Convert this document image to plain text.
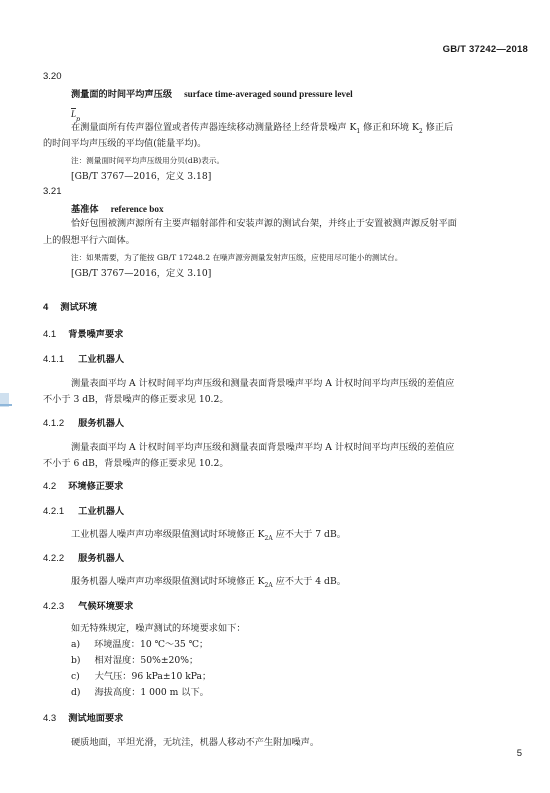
GB/T 37242—2018
3.20
测量面的时间平均声压级 surface time-averaged sound pressure level
$L_p$
在测量面所有传声器位置或者传声器连续移动测量路径上经背景噪声 $K_1$ 修正和环境 $K_2$ 修正后
的时间平均声压级的平均值(能量平均)。
注：测量面时间平均声压级用分贝(dB)表示。
[GB/T 3767—2016，定义 3.18]
3.21
基准体 reference box
恰好包围被测声源所有主要声辐射部件和安装声源的测试台架，并终止于安置被测声源反射平面
上的假想平行六面体。
注：如果需要，为了能按 GB/T 17248.2 在噪声源旁测量发射声压级，应使用尽可能小的测试台。
[GB/T 3767—2016，定义 3.10]
4 测试环境
4.1 背景噪声要求
4.1.1 工业机器人
测量表面平均 A 计权时间平均声压级和测量表面背景噪声平均 A 计权时间平均声压级的差值应
不小于 3 dB，背景噪声的修正要求见 10.2。
4.1.2 服务机器人
测量表面平均 A 计权时间平均声压级和测量表面背景噪声平均 A 计权时间平均声压级的差值应
不小于 6 dB，背景噪声的修正要求见 10.2。
4.2 环境修正要求
4.2.1 工业机器人
工业机器人噪声声功率级限值测试时环境修正 $K_{2A}$ 应不大于 7 dB。
4.2.2 服务机器人
服务机器人噪声声功率级限值测试时环境修正 $K_{2A}$ 应不大于 4 dB。
4.2.3 气候环境要求
如无特殊规定，噪声测试的环境要求如下：
a) 环境温度：10 ℃～35 ℃；
b) 相对湿度：50%±20%；
c) 大气压：96 kPa±10 kPa；
d) 海拔高度：1 000 m 以下。
4.3 测试地面要求
硬质地面，平坦光滑，无坑洼，机器人移动不产生附加噪声。
5
